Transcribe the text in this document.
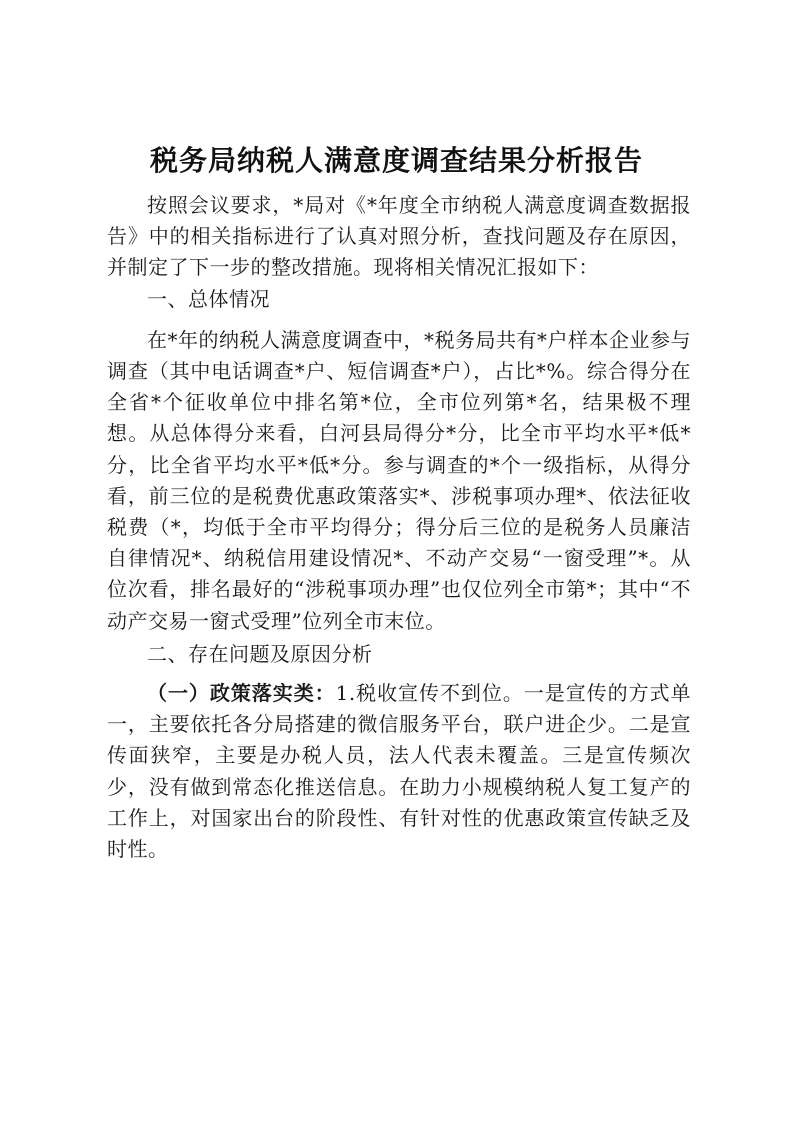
税务局纳税人满意度调查结果分析报告

按照会议要求，*局对《*年度全市纳税人满意度调查数据报告》中的相关指标进行了认真对照分析，查找问题及存在原因，并制定了下一步的整改措施。现将相关情况汇报如下：

一、总体情况

在*年的纳税人满意度调查中，*税务局共有*户样本企业参与调查（其中电话调查*户、短信调查*户），占比*%。综合得分在全省*个征收单位中排名第*位，全市位列第*名，结果极不理想。从总体得分来看，白河县局得分*分，比全市平均水平*低*分，比全省平均水平*低*分。参与调查的*个一级指标，从得分看，前三位的是税费优惠政策落实*、涉税事项办理*、依法征收税费（*，均低于全市平均得分；得分后三位的是税务人员廉洁自律情况*、纳税信用建设情况*、不动产交易“一窗受理”*。从位次看，排名最好的“涉税事项办理”也仅位列全市第*；其中“不动产交易一窗式受理”位列全市末位。

二、存在问题及原因分析

（一）政策落实类：1.税收宣传不到位。一是宣传的方式单一，主要依托各分局搭建的微信服务平台，联户进企少。二是宣传面狭窄，主要是办税人员，法人代表未覆盖。三是宣传频次少，没有做到常态化推送信息。在助力小规模纳税人复工复产的工作上，对国家出台的阶段性、有针对性的优惠政策宣传缺乏及时性。
